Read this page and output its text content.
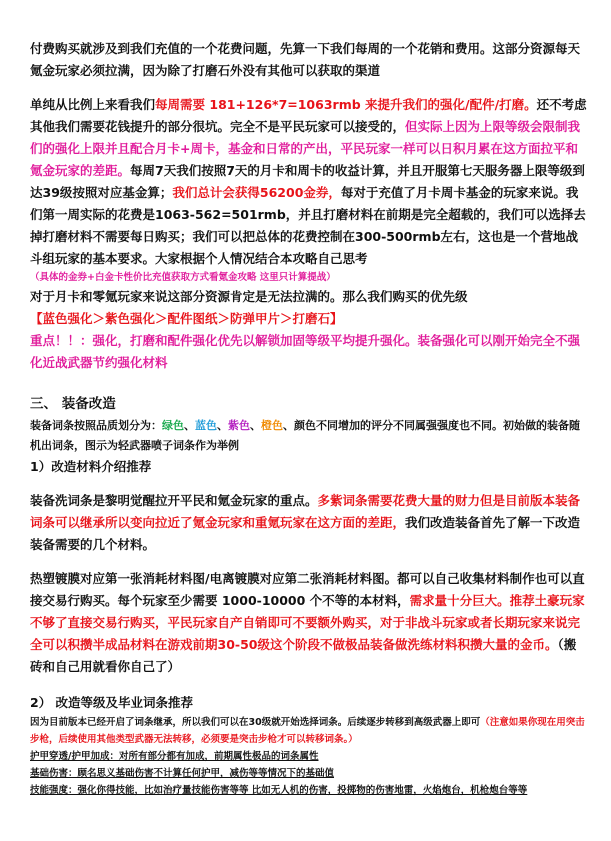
付费购买就涉及到我们充值的一个花费问题，先算一下我们每周的一个花销和费用。这部分资源每天氪金玩家必须拉满，因为除了打磨石外没有其他可以获取的渠道

单纯从比例上来看我们每周需要 181+126*7=1063rmb 来提升我们的强化/配件/打磨。还不考虑其他我们需要花钱提升的部分很坑。完全不是平民玩家可以接受的，但实际上因为上限等级会限制我们的强化上限并且配合月卡+周卡，基金和日常的产出，平民玩家一样可以日积月累在这方面拉平和氪金玩家的差距。每周7天我们按照7天的月卡和周卡的收益计算，并且开服第七天服务器上限等级到达39级按照对应基金算；我们总计会获得56200金券，每对于充值了月卡周卡基金的玩家来说。我们第一周实际的花费是1063-562=501rmb，并且打磨材料在前期是完全超载的，我们可以选择去掉打磨材料不需要每日购买；我们可以把总体的花费控制在300-500rmb左右，这也是一个营地战斗组玩家的基本要求。大家根据个人情况结合本攻略自己思考

（具体的金券+白金卡性价比充值获取方式看氪金攻略 这里只计算提战）

对于月卡和零氪玩家来说这部分资源肯定是无法拉满的。那么我们购买的优先级

【蓝色强化＞紫色强化＞配件图纸＞防弹甲片＞打磨石】

重点！！：强化，打磨和配件强化优先以解锁加固等级平均提升强化。装备强化可以刚开始完全不强化近战武器节约强化材料

三、 装备改造

装备词条按照品质划分为：绿色、蓝色、紫色、橙色、颜色不同增加的评分不同属强强度也不同。初始做的装备随机出词条，图示为轻武器喷子词条作为举例

1）改造材料介绍推荐

装备洗词条是黎明觉醒拉开平民和氪金玩家的重点。多紫词条需要花费大量的财力但是目前版本装备词条可以继承所以变向拉近了氪金玩家和重氪玩家在这方面的差距，我们改造装备首先了解一下改造装备需要的几个材料。

热塑镀膜对应第一张消耗材料图/电离镀膜对应第二张消耗材料图。都可以自己收集材料制作也可以直接交易行购买。每个玩家至少需要 1000-10000 个不等的本材料，需求量十分巨大。推荐土豪玩家不够了直接交易行购买，平民玩家自产自销即可不要额外购买，对于非战斗玩家或者长期玩家来说完全可以积攒半成品材料在游戏前期30-50级这个阶段不做极品装备做洗练材料积攒大量的金币。（搬砖和自己用就看你自己了）

2） 改造等级及毕业词条推荐

因为目前版本已经开启了词条继承，所以我们可以在30级就开始选择词条。后续逐步转移到高级武器上即可（注意如果你现在用突击步枪，后续使用其他类型武器无法转移，必须要是突击步枪才可以转移词条。）

护甲穿透/护甲加成：对所有部分都有加成，前期属性极品的词条属性

基础伤害：顾名思义基础伤害不计算任何护甲，减伤等等情况下的基础值

技能强度：强化你得技能，比如治疗量技能伤害等等 比如无人机的伤害，投掷物的伤害地雷，火焰炮台，机枪炮台等等
